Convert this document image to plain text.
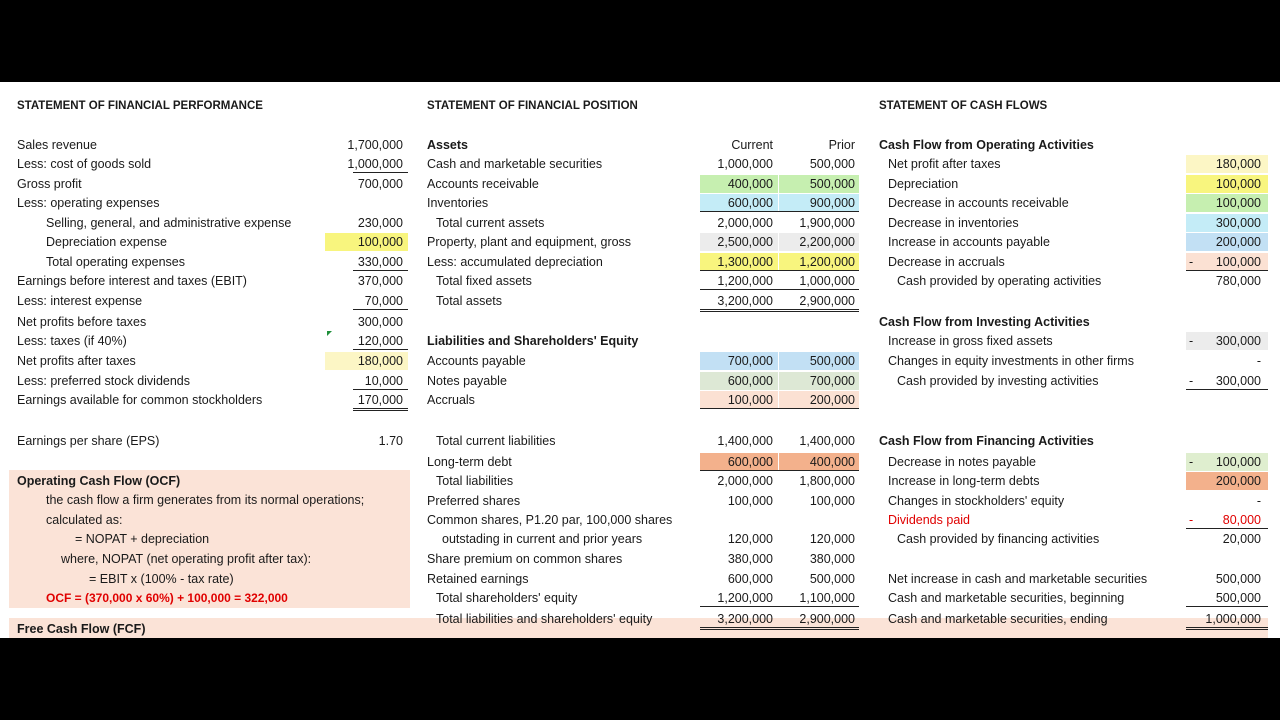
STATEMENT OF FINANCIAL PERFORMANCE
Sales revenue	1,700,000
Less: cost of goods sold	1,000,000
Gross profit	700,000
Less: operating expenses
Selling, general, and administrative expense	230,000
Depreciation expense	100,000
Total operating expenses	330,000
Earnings before interest and taxes (EBIT)	370,000
Less: interest expense	70,000
Net profits before taxes	300,000
Less: taxes (if 40%)	120,000
Net profits after taxes	180,000
Less: preferred stock dividends	10,000
Earnings available for common stockholders	170,000
Earnings per share (EPS)	1.70
Operating Cash Flow (OCF)
the cash flow a firm generates from its normal operations;
calculated as:
= NOPAT + depreciation
where, NOPAT (net operating profit after tax):
= EBIT x (100% - tax rate)
OCF = (370,000 x 60%) + 100,000 = 322,000
Free Cash Flow (FCF)
STATEMENT OF FINANCIAL POSITION
Current	Prior
Assets
Cash and marketable securities	1,000,000	500,000
Accounts receivable	400,000	500,000
Inventories	600,000	900,000
Total current assets	2,000,000	1,900,000
Property, plant and equipment, gross	2,500,000	2,200,000
Less: accumulated depreciation	1,300,000	1,200,000
Total fixed assets	1,200,000	1,000,000
Total assets	3,200,000	2,900,000
Liabilities and Shareholders' Equity
Accounts payable	700,000	500,000
Notes payable	600,000	700,000
Accruals	100,000	200,000
Total current liabilities	1,400,000	1,400,000
Long-term debt	600,000	400,000
Total liabilities	2,000,000	1,800,000
Preferred shares	100,000	100,000
Common shares, P1.20 par, 100,000 shares
outstading in current and prior years	120,000	120,000
Share premium on common shares	380,000	380,000
Retained earnings	600,000	500,000
Total shareholders' equity	1,200,000	1,100,000
Total liabilities and shareholders' equity	3,200,000	2,900,000
STATEMENT OF CASH FLOWS
Cash Flow from Operating Activities
Net profit after taxes	180,000
Depreciation	100,000
Decrease in accounts receivable	100,000
Decrease in inventories	300,000
Increase in accounts payable	200,000
Decrease in accruals	-	100,000
Cash provided by operating activities	780,000
Cash Flow from Investing Activities
Increase in gross fixed assets	-	300,000
Changes in equity investments in other firms	-
Cash provided by investing activities	-	300,000
Cash Flow from Financing Activities
Decrease in notes payable	-	100,000
Increase in long-term debts	200,000
Changes in stockholders' equity	-
Dividends paid	-	80,000
Cash provided by financing activities	20,000
Net increase in cash and marketable securities	500,000
Cash and marketable securities, beginning	500,000
Cash and marketable securities, ending	1,000,000
